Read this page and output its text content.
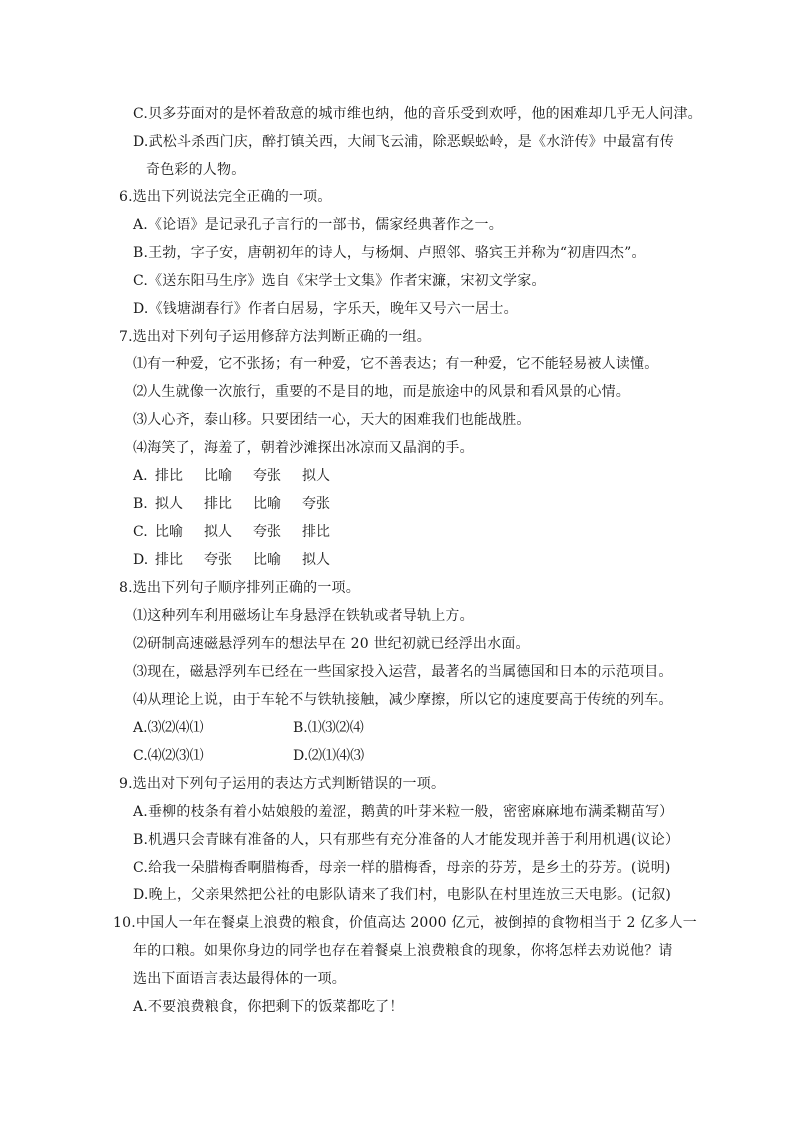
C.贝多芬面对的是怀着敌意的城市维也纳，他的音乐受到欢呼，他的困难却几乎无人问津。
D.武松斗杀西门庆，醉打镇关西，大闹飞云浦，除恶蜈蚣岭，是《水浒传》中最富有传
奇色彩的人物。
6.选出下列说法完全正确的一项。
A.《论语》是记录孔子言行的一部书，儒家经典著作之一。
B.王勃，字子安，唐朝初年的诗人，与杨炯、卢照邻、骆宾王并称为“初唐四杰”。
C.《送东阳马生序》选自《宋学士文集》作者宋濂，宋初文学家。
D.《钱塘湖春行》作者白居易，字乐天，晚年又号六一居士。
7.选出对下列句子运用修辞方法判断正确的一组。
⑴有一种爱，它不张扬；有一种爱，它不善表达；有一种爱，它不能轻易被人读懂。
⑵人生就像一次旅行，重要的不是目的地，而是旅途中的风景和看风景的心情。
⑶人心齐，泰山移。只要团结一心，天大的困难我们也能战胜。
⑷海笑了，海羞了，朝着沙滩探出冰凉而又晶润的手。
A. 排比 比喻 夸张 拟人
B. 拟人 排比 比喻 夸张
C. 比喻 拟人 夸张 排比
D. 排比 夸张 比喻 拟人
8.选出下列句子顺序排列正确的一项。
⑴这种列车利用磁场让车身悬浮在铁轨或者导轨上方。
⑵研制高速磁悬浮列车的想法早在 20 世纪初就已经浮出水面。
⑶现在，磁悬浮列车已经在一些国家投入运营，最著名的当属德国和日本的示范项目。
⑷从理论上说，由于车轮不与铁轨接触，减少摩擦，所以它的速度要高于传统的列车。
A.⑶⑵⑷⑴	B.⑴⑶⑵⑷
C.⑷⑵⑶⑴	D.⑵⑴⑷⑶
9.选出对下列句子运用的表达方式判断错误的一项。
A.垂柳的枝条有着小姑娘般的羞涩，鹅黄的叶芽米粒一般，密密麻麻地布满柔糊苗写）
B.机遇只会青睐有准备的人，只有那些有充分准备的人才能发现并善于利用机遇(议论）
C.给我一朵腊梅香啊腊梅香，母亲一样的腊梅香，母亲的芬芳，是乡土的芬芳。(说明)
D.晚上，父亲果然把公社的电影队请来了我们村，电影队在村里连放三天电影。(记叙)
10.中国人一年在餐桌上浪费的粮食，价值高达 2000 亿元，被倒掉的食物相当于 2 亿多人一
年的口粮。如果你身边的同学也存在着餐桌上浪费粮食的现象，你将怎样去劝说他？请
选出下面语言表达最得体的一项。
A.不要浪费粮食，你把剩下的饭菜都吃了！
